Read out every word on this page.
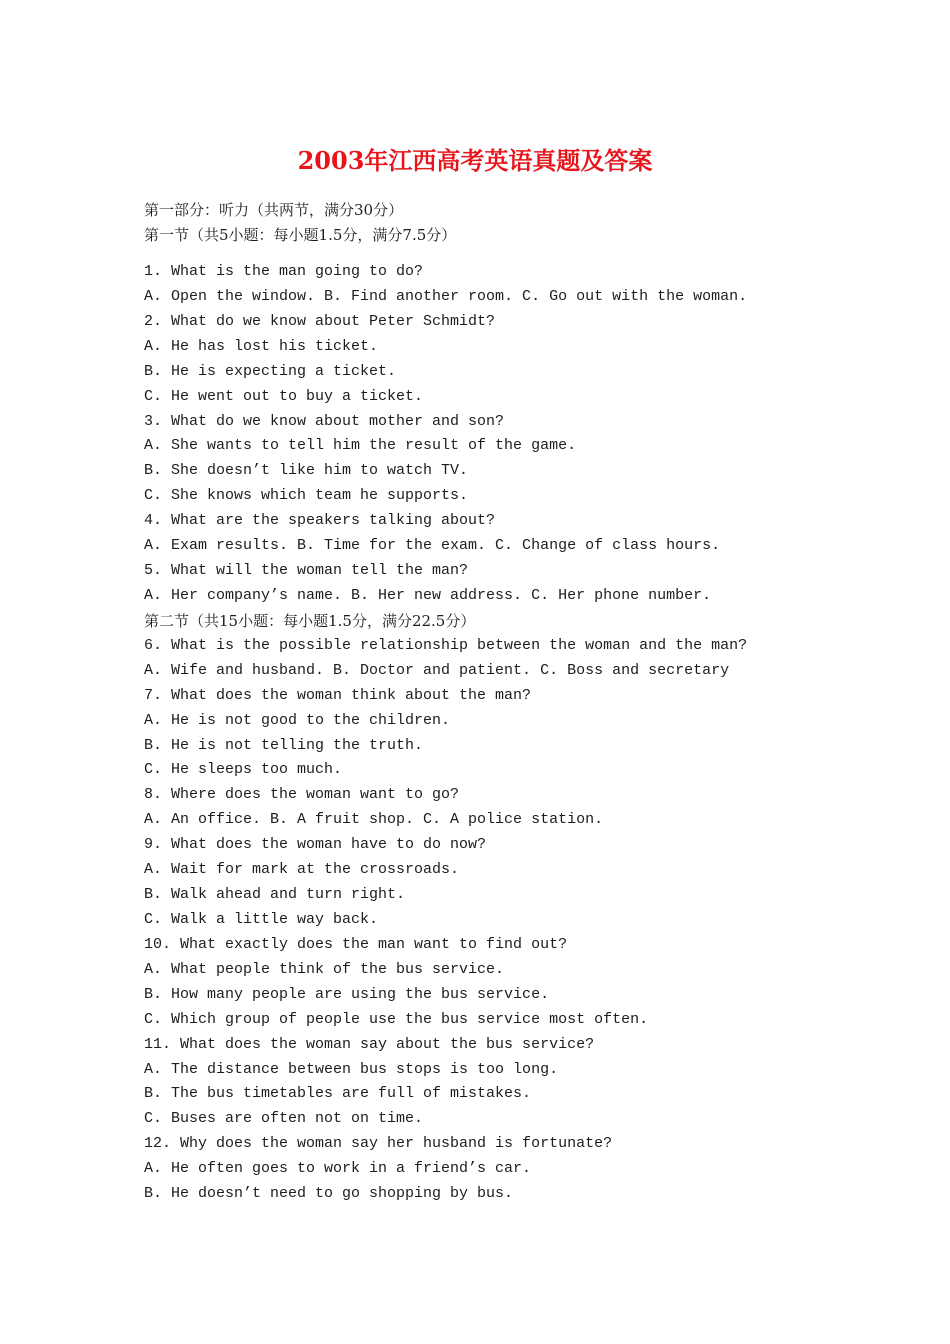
2003年江西高考英语真题及答案
第一部分：听力（共两节，满分30分）
第一节（共5小题：每小题1.5分，满分7.5分）
1. What is the man going to do?
A. Open the window. B. Find another room. C. Go out with the woman.
2. What do we know about Peter Schmidt?
A. He has lost his ticket.
B. He is expecting a ticket.
C. He went out to buy a ticket.
3. What do we know about mother and son?
A. She wants to tell him the result of the game.
B. She doesn’t like him to watch TV.
C. She knows which team he supports.
4. What are the speakers talking about?
A. Exam results. B. Time for the exam. C. Change of class hours.
5. What will the woman tell the man?
A. Her company’s name. B. Her new address. C. Her phone number.
第二节（共15小题：每小题1.5分，满分22.5分）
6. What is the possible relationship between the woman and the man?
A. Wife and husband. B. Doctor and patient. C. Boss and secretary
7. What does the woman think about the man?
A. He is not good to the children.
B. He is not telling the truth.
C. He sleeps too much.
8. Where does the woman want to go?
A. An office. B. A fruit shop. C. A police station.
9. What does the woman have to do now?
A. Wait for mark at the crossroads.
B. Walk ahead and turn right.
C. Walk a little way back.
10. What exactly does the man want to find out?
A. What people think of the bus service.
B. How many people are using the bus service.
C. Which group of people use the bus service most often.
11. What does the woman say about the bus service?
A. The distance between bus stops is too long.
B. The bus timetables are full of mistakes.
C. Buses are often not on time.
12. Why does the woman say her husband is fortunate?
A. He often goes to work in a friend’s car.
B. He doesn’t need to go shopping by bus.
